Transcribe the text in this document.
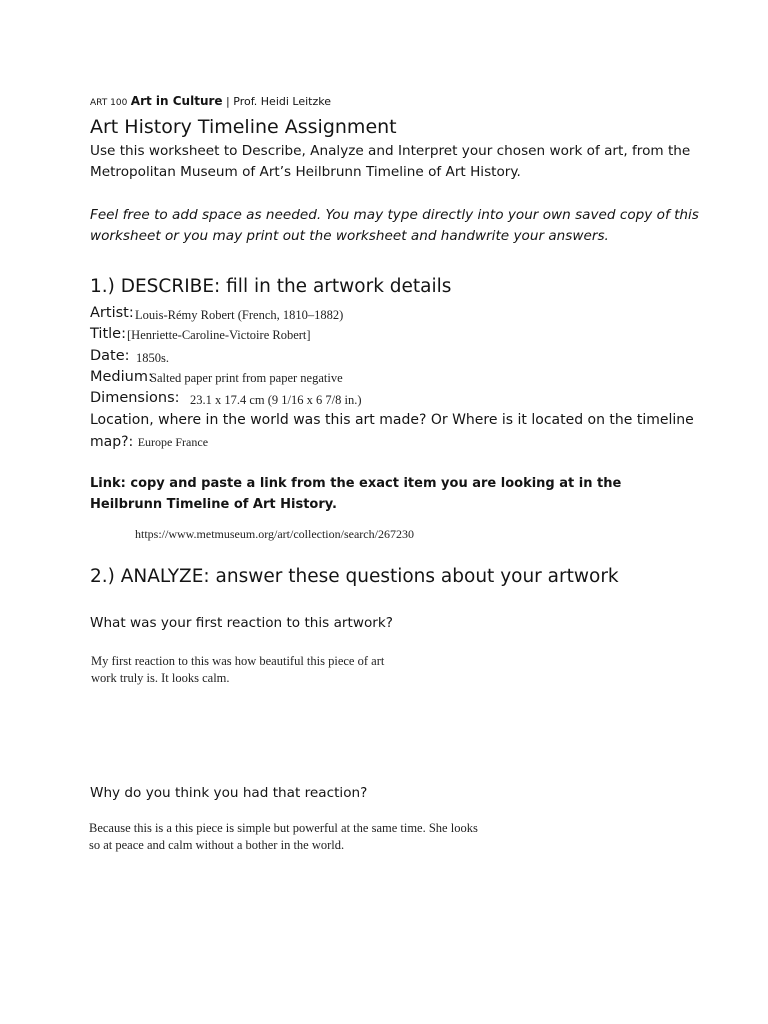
ART 100 Art in Culture | Prof. Heidi Leitzke
Art History Timeline Assignment
Use this worksheet to Describe, Analyze and Interpret your chosen work of art, from the Metropolitan Museum of Art’s Heilbrunn Timeline of Art History.
Feel free to add space as needed. You may type directly into your own saved copy of this worksheet or you may print out the worksheet and handwrite your answers.
1.) DESCRIBE: fill in the artwork details
Artist: Louis-Rémy Robert (French, 1810–1882)
Title: [Henriette-Caroline-Victoire Robert]
Date: 1850s.
Medium:
Salted paper print from paper negative
Dimensions: 23.1 x 17.4 cm (9 1/16 x 6 7/8 in.)
Location, where in the world was this art made? Or Where is it located on the timeline
map?: Europe France
Link: copy and paste a link from the exact item you are looking at in the Heilbrunn Timeline of Art History.
https://www.metmuseum.org/art/collection/search/267230
2.) ANALYZE: answer these questions about your artwork
What was your first reaction to this artwork?
My first reaction to this was how beautiful this piece of art work truly is. It looks calm.
Why do you think you had that reaction?
Because this is a this piece is simple but powerful at the same time. She looks so at peace and calm without a bother in the world.
